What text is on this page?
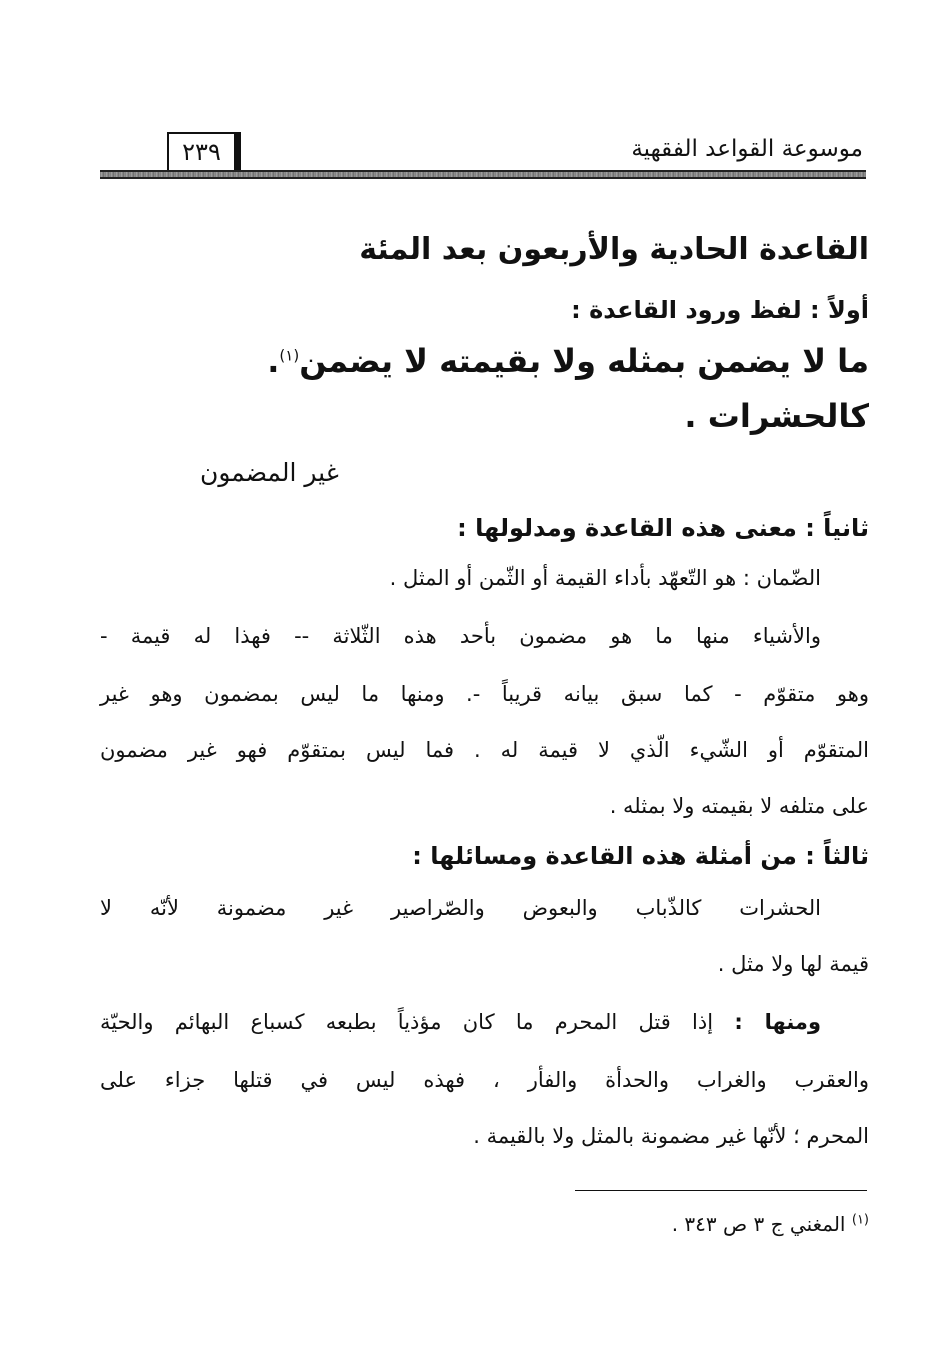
موسوعة القواعد الفقهية
٢٣٩
القاعدة الحادية والأربعون بعد المئة
أولاً : لفظ ورود القاعدة :
ما لا يضمن بمثله ولا بقيمته لا يضمن$^{(١)}$.
كالحشرات .
غير المضمون
ثانياً : معنى هذه القاعدة ومدلولها :
الضّمان : هو التّعهّد بأداء القيمة أو الثّمن أو المثل .
والأشياء منها ما هو مضمون بأحد هذه الثّلاثة -- فهذا له قيمة -
وهو متقوّم - كما سبق بيانه قريباً -. ومنها ما ليس بمضمون وهو غير
المتقوّم أو الشّيء الّذي لا قيمة له . فما ليس بمتقوّم فهو غير مضمون
على متلفه لا بقيمته ولا بمثله .
ثالثاً : من أمثلة هذه القاعدة ومسائلها :
الحشرات كالذّباب والبعوض والصّراصير غير مضمونة لأنّه لا
قيمة لها ولا مثل .
ومنها : إذا قتل المحرم ما كان مؤذياً بطبعه كسباع البهائم والحيّة
والعقرب والغراب والحدأة والفأر ، فهذه ليس في قتلها جزاء على
المحرم ؛ لأنّها غير مضمونة بالمثل ولا بالقيمة .
$^{(١)}$ المغني ج ٣ ص ٣٤٣ .
